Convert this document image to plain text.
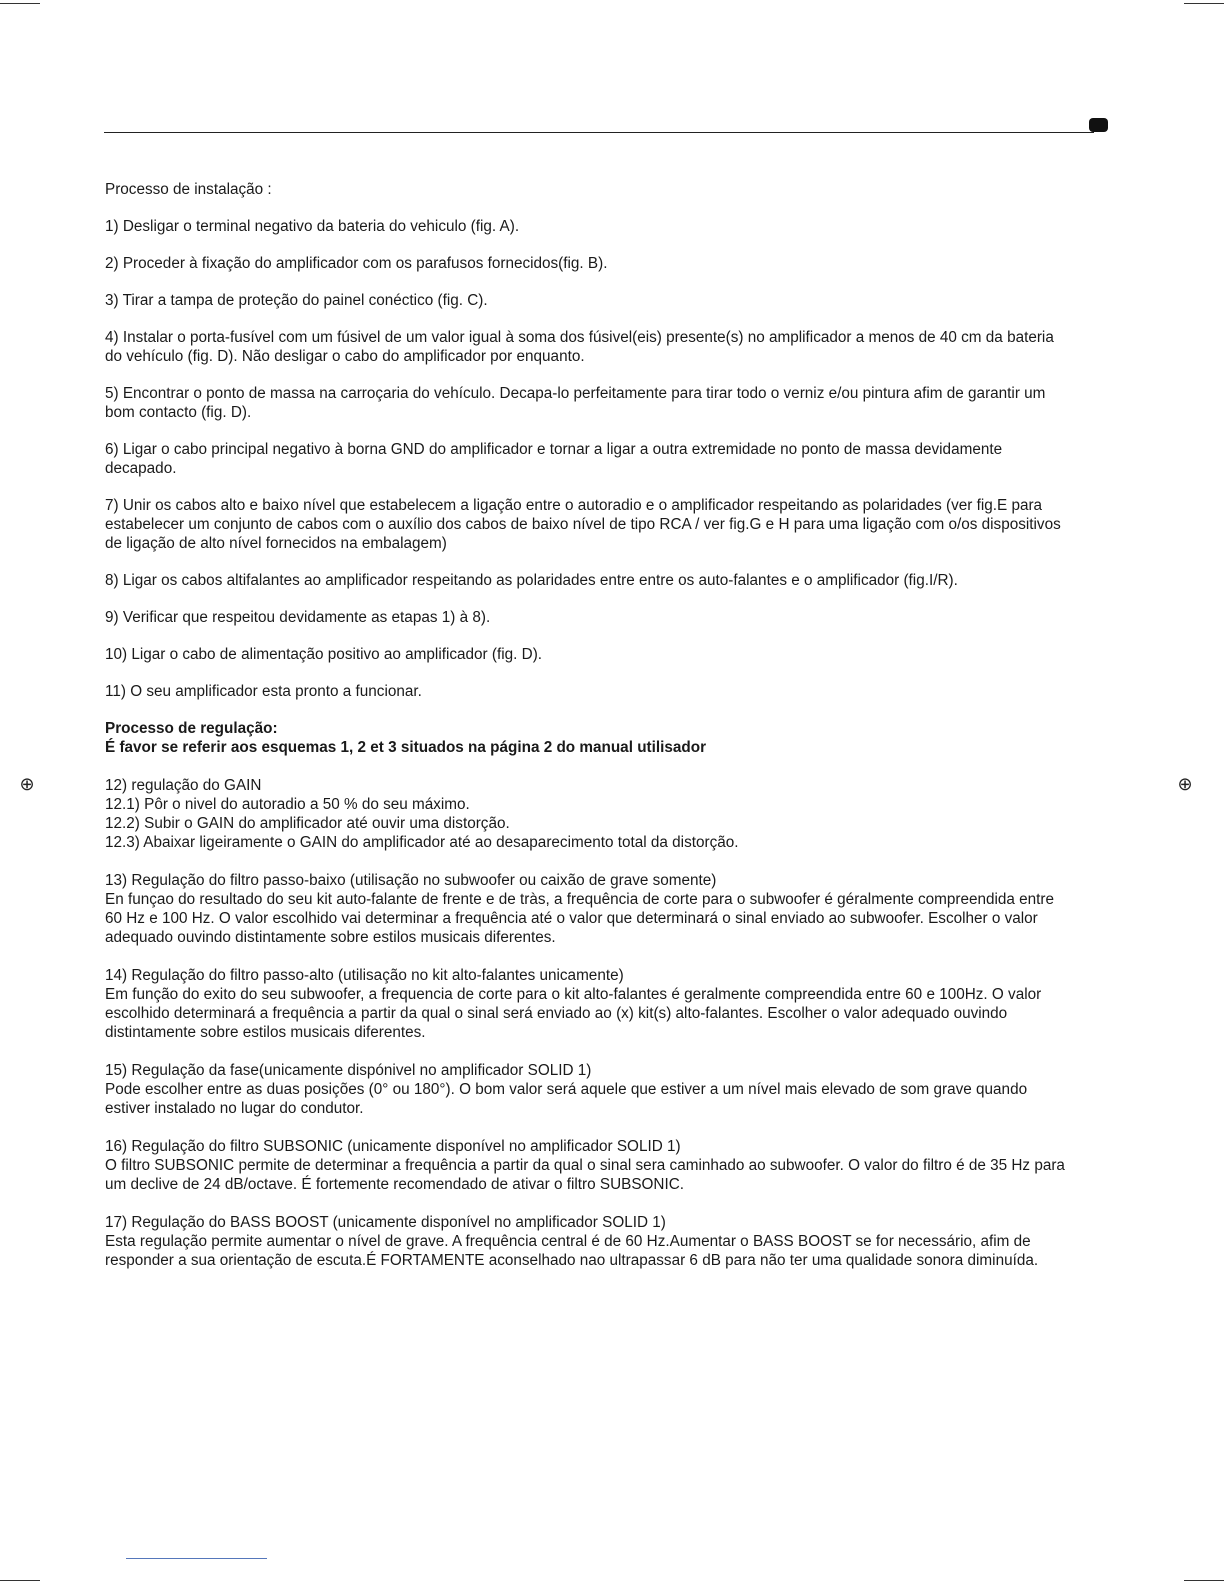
⊕	⊕

Processo de instalação :

1) Desligar o terminal negativo da bateria do vehiculo (fig. A).

2) Proceder à fixação do amplificador com os parafusos fornecidos(fig. B).

3) Tirar a tampa de proteção do painel conéctico (fig. C).

4) Instalar o porta-fusível com um fúsivel de um valor igual à soma dos fúsivel(eis) presente(s) no amplificador a menos de 40 cm da bateria do vehículo (fig. D). Não desligar o cabo do amplificador por enquanto.

5) Encontrar o ponto de massa na carroçaria do vehículo. Decapa-lo perfeitamente para tirar todo o verniz e/ou pintura afim de garantir um bom contacto (fig. D).

6) Ligar o cabo principal negativo à borna GND do amplificador e tornar a ligar a outra extremidade no ponto de massa devidamente decapado.

7) Unir os cabos alto e baixo nível que estabelecem a ligação entre o autoradio e o amplificador respeitando as polaridades (ver fig.E para estabelecer um conjunto de cabos com o auxílio dos cabos de baixo nível de tipo RCA / ver fig.G e H para uma ligação com o/os dispositivos de ligação de alto nível fornecidos na embalagem)

8) Ligar os cabos altifalantes ao amplificador respeitando as polaridades entre entre os auto-falantes e o amplificador (fig.I/R).

9) Verificar que respeitou devidamente as etapas 1) à 8).

10) Ligar o cabo de alimentação positivo ao amplificador (fig. D).

11) O seu amplificador esta pronto a funcionar.

Processo de regulação:
É favor se referir aos esquemas 1, 2 et 3 situados na página 2 do manual utilisador
12) regulação do GAIN
12.1) Pôr o nivel do autoradio a 50 % do seu máximo.
12.2) Subir o GAIN do amplificador até ouvir uma distorção.
12.3) Abaixar ligeiramente o GAIN do amplificador até ao desaparecimento total da distorção.
13) Regulação do filtro passo-baixo (utilisação no subwoofer ou caixão de grave somente)
En funçao do resultado do seu kit auto-falante de frente e de tràs, a frequência de corte para o subwoofer é géralmente compreendida entre 60 Hz e 100 Hz. O valor escolhido vai determinar a frequência até o valor que determinará o sinal enviado ao subwoofer. Escolher o valor adequado ouvindo distintamente sobre estilos musicais diferentes.
14) Regulação do filtro passo-alto (utilisação no kit alto-falantes unicamente)
Em função do exito do seu subwoofer, a frequencia de corte para o kit alto-falantes é geralmente compreendida entre 60 e 100Hz. O valor escolhido determinará a frequência a partir da qual o sinal será enviado ao (x) kit(s) alto-falantes. Escolher o valor adequado ouvindo distintamente sobre estilos musicais diferentes.
15) Regulação da fase(unicamente dispónivel no amplificador SOLID 1)
Pode escolher entre as duas posições (0° ou 180°). O bom valor será aquele que estiver a um nível mais elevado de som grave quando estiver instalado no lugar do condutor.
16) Regulação do filtro SUBSONIC (unicamente disponível no amplificador SOLID 1)
O filtro SUBSONIC permite de determinar a frequência a partir da qual o sinal sera caminhado ao subwoofer. O valor do filtro é de 35 Hz para um declive de 24 dB/octave. É fortemente recomendado de ativar o filtro SUBSONIC.
17) Regulação do BASS BOOST (unicamente disponível no amplificador SOLID 1)
Esta regulação permite aumentar o nível de grave. A frequência central é de 60 Hz.Aumentar o BASS BOOST se for necessário, afim de responder a sua orientação de escuta.É FORTAMENTE aconselhado nao ultrapassar 6 dB para não ter uma qualidade sonora diminuída.
